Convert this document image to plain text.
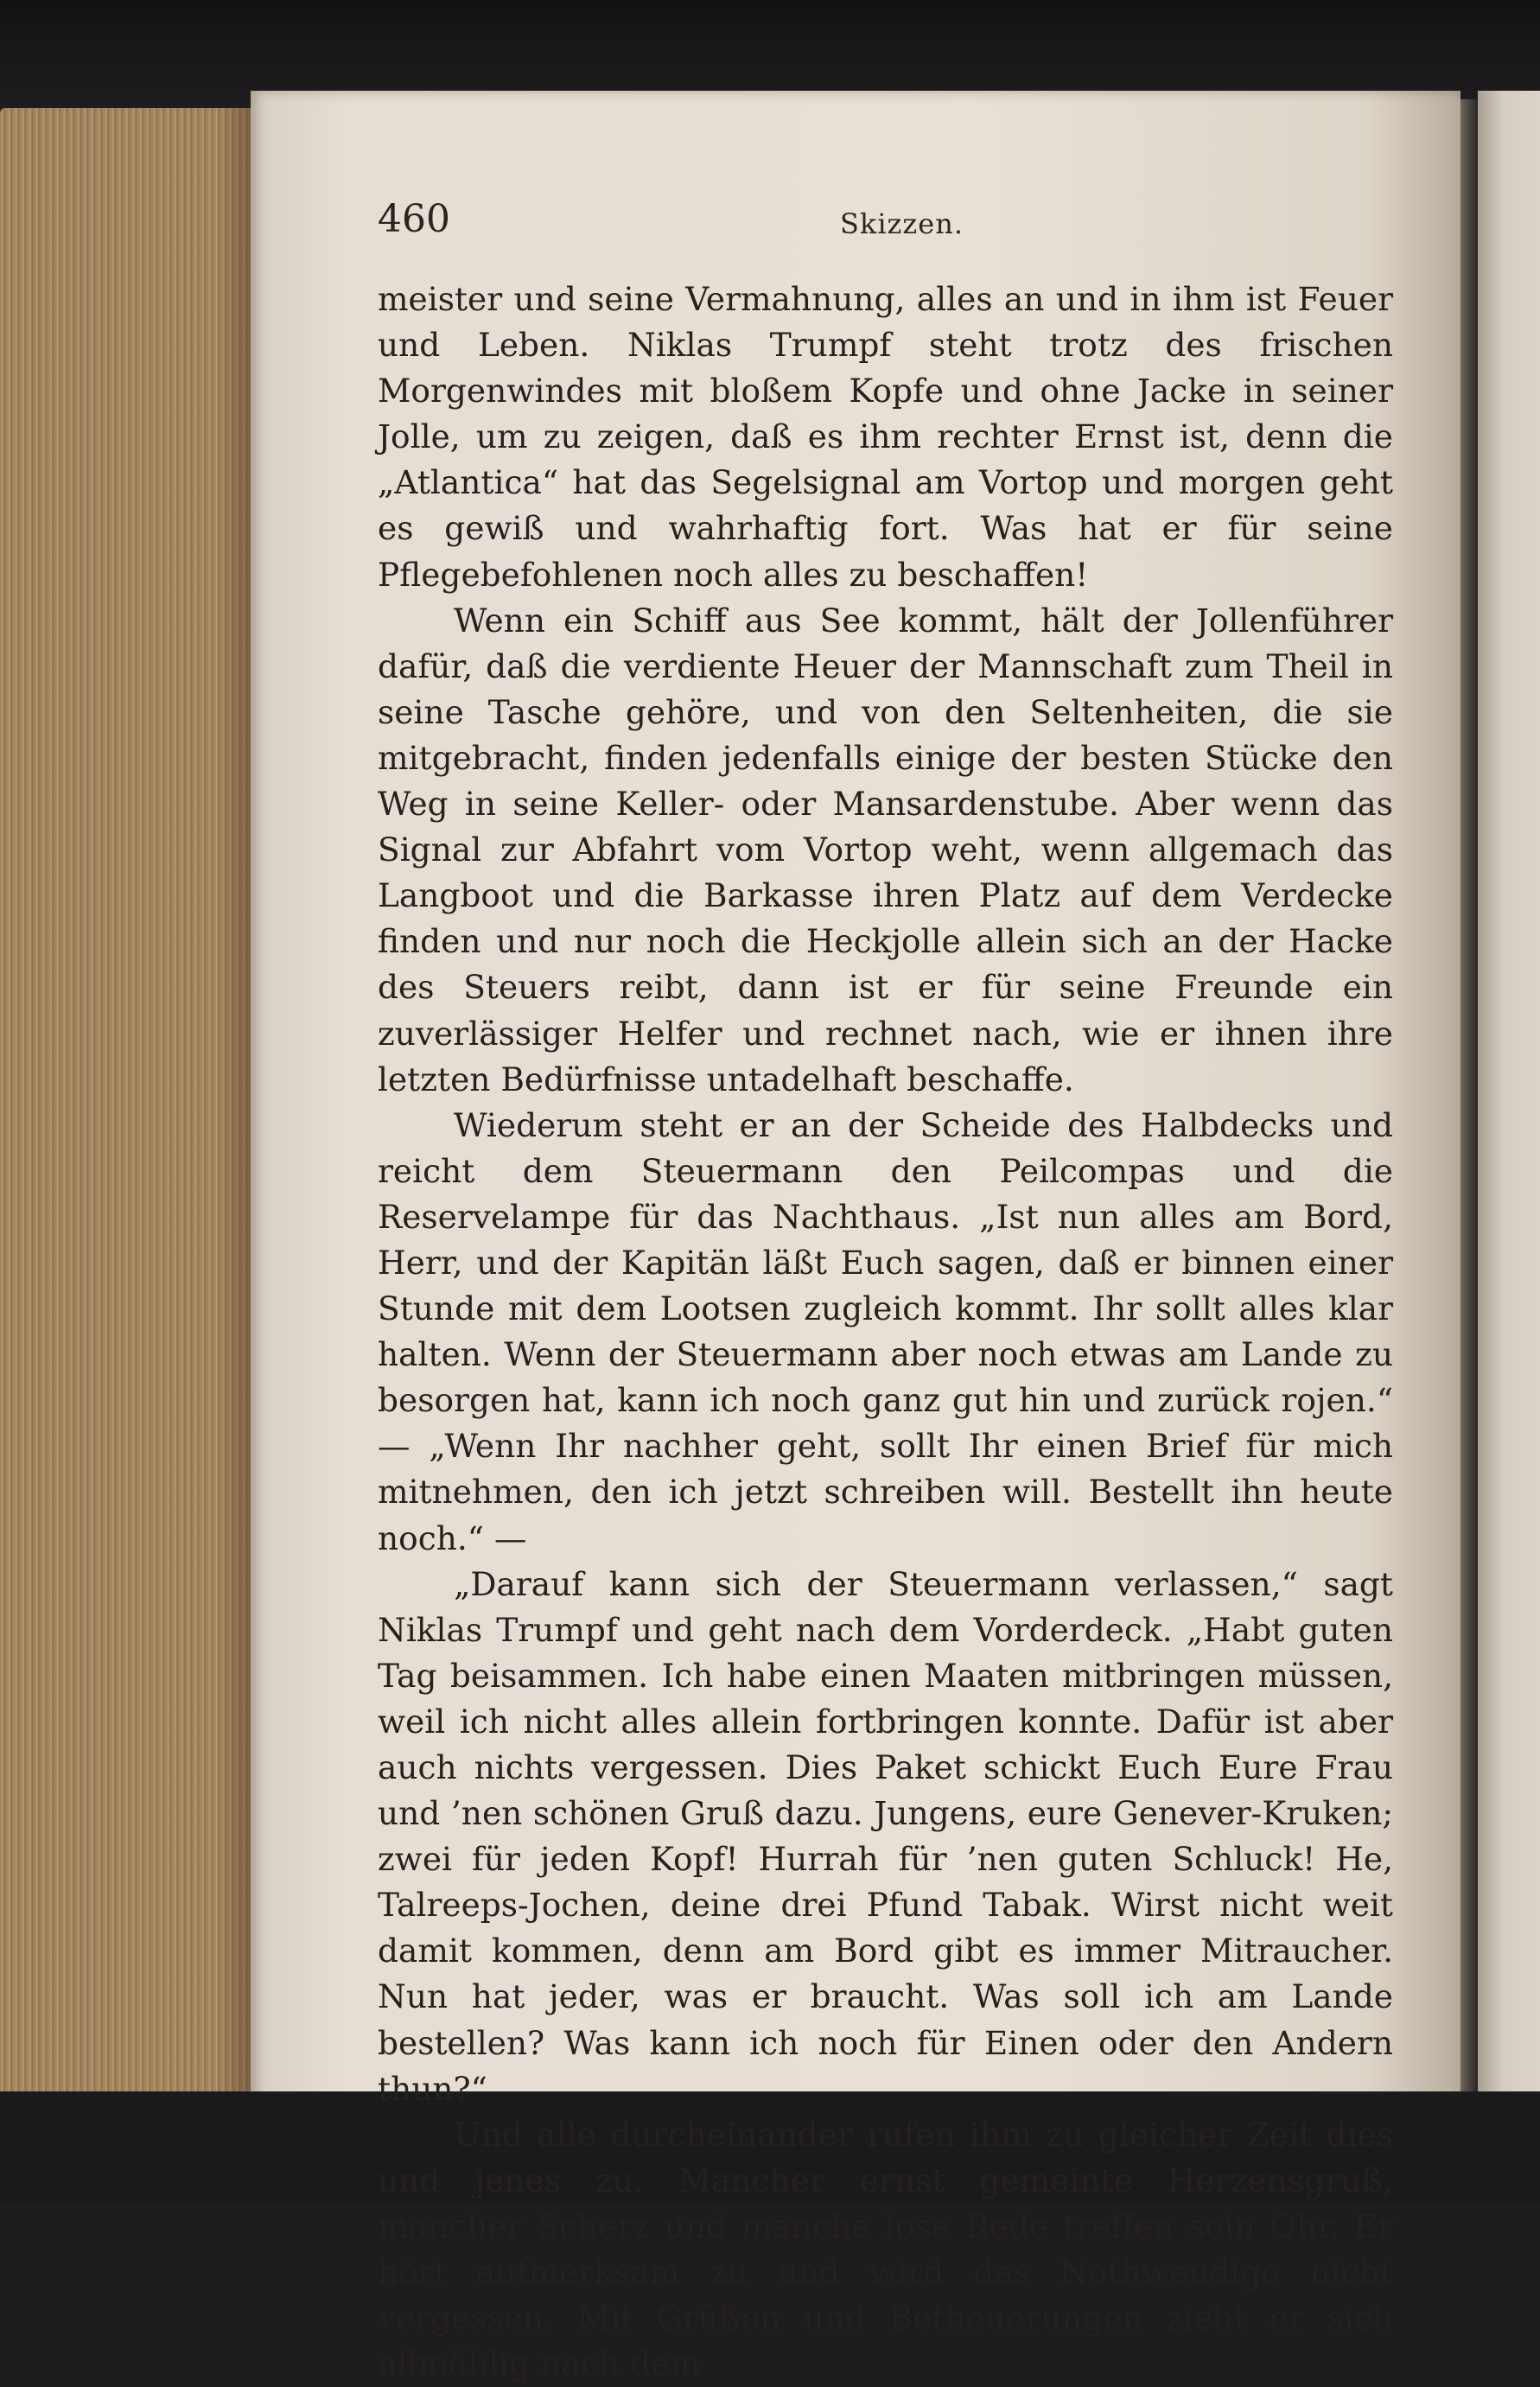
460	Skizzen.

meister und seine Vermahnung, alles an und in ihm ist Feuer und Leben. Niklas Trumpf steht trotz des frischen Morgenwindes mit bloßem Kopfe und ohne Jacke in seiner Jolle, um zu zeigen, daß es ihm rechter Ernst ist, denn die „Atlantica“ hat das Segelsignal am Vortop und morgen geht es gewiß und wahrhaftig fort. Was hat er für seine Pflegebefohlenen noch alles zu beschaffen!

Wenn ein Schiff aus See kommt, hält der Jollenführer dafür, daß die verdiente Heuer der Mannschaft zum Theil in seine Tasche gehöre, und von den Seltenheiten, die sie mitgebracht, finden jedenfalls einige der besten Stücke den Weg in seine Keller- oder Mansardenstube. Aber wenn das Signal zur Abfahrt vom Vortop weht, wenn allgemach das Langboot und die Barkasse ihren Platz auf dem Verdecke finden und nur noch die Heckjolle allein sich an der Hacke des Steuers reibt, dann ist er für seine Freunde ein zuverlässiger Helfer und rechnet nach, wie er ihnen ihre letzten Bedürfnisse untadelhaft beschaffe.

Wiederum steht er an der Scheide des Halbdecks und reicht dem Steuermann den Peilcompas und die Reservelampe für das Nachthaus. „Ist nun alles am Bord, Herr, und der Kapitän läßt Euch sagen, daß er binnen einer Stunde mit dem Lootsen zugleich kommt. Ihr sollt alles klar halten. Wenn der Steuermann aber noch etwas am Lande zu besorgen hat, kann ich noch ganz gut hin und zurück rojen.“ — „Wenn Ihr nachher geht, sollt Ihr einen Brief für mich mitnehmen, den ich jetzt schreiben will. Bestellt ihn heute noch.“ —

„Darauf kann sich der Steuermann verlassen,“ sagt Niklas Trumpf und geht nach dem Vorderdeck. „Habt guten Tag beisammen. Ich habe einen Maaten mitbringen müssen, weil ich nicht alles allein fortbringen konnte. Dafür ist aber auch nichts vergessen. Dies Paket schickt Euch Eure Frau und ’nen schönen Gruß dazu. Jungens, eure Genever-Kruken; zwei für jeden Kopf! Hurrah für ’nen guten Schluck! He, Talreeps-Jochen, deine drei Pfund Tabak. Wirst nicht weit damit kommen, denn am Bord gibt es immer Mitraucher. Nun hat jeder, was er braucht. Was soll ich am Lande bestellen? Was kann ich noch für Einen oder den Andern thun?“

Und alle durcheinander rufen ihm zu gleicher Zeit dies und jenes zu. Mancher ernst gemeinte Herzensgruß, mancher Scherz und manche lose Rede treffen sein Ohr. Er hört aufmerksam zu und wird das Nothwendige nicht vergessen. Mit Grüßen und Betheuerungen zieht er sich allmählig nach dem
